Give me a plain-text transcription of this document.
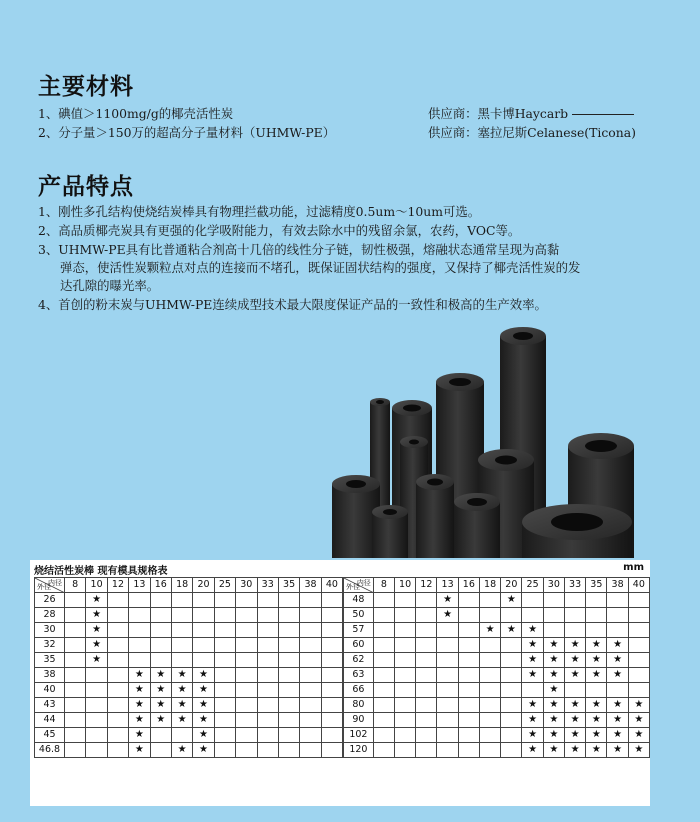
主要材料
1、碘值＞1100mg/g的椰壳活性炭	供应商：黑卡博Haycarb
2、分子量＞150万的超高分子量材料（UHMW-PE）	供应商：塞拉尼斯Celanese(Ticona)
产品特点
1、刚性多孔结构使烧结炭棒具有物理拦截功能，过滤精度0.5um～10um可选。
2、高品质椰壳炭具有更强的化学吸附能力，有效去除水中的残留余氯，农药，VOC等。
3、UHMW-PE具有比普通粘合剂高十几倍的线性分子链，韧性极强，熔融状态通常呈现为高黏
弹态，使活性炭颗粒点对点的连接而不堵孔，既保证固状结构的强度，又保持了椰壳活性炭的发
达孔隙的曝光率。
4、首创的粉末炭与UHMW-PE连续成型技术最大限度保证产品的一致性和极高的生产效率。
烧结活性炭棒 现有模具规格表	mm
内径
外径	8	10	12	13	16	18	20	25	30	33	35	38	40
26		★											
28		★											
30		★											
32		★											
35		★											
38				★	★	★	★						
40				★	★	★	★						
43				★	★	★	★						
44				★	★	★	★						
45				★			★						
46.8				★		★	★						
内径
外径	8	10	12	13	16	18	20	25	30	33	35	38	40
48				★			★						
50				★									
57						★	★	★					
60								★	★	★	★	★	
62								★	★	★	★	★	
63								★	★	★	★	★	
66									★				
80								★	★	★	★	★	★
90								★	★	★	★	★	★
102								★	★	★	★	★	★
120								★	★	★	★	★	★
